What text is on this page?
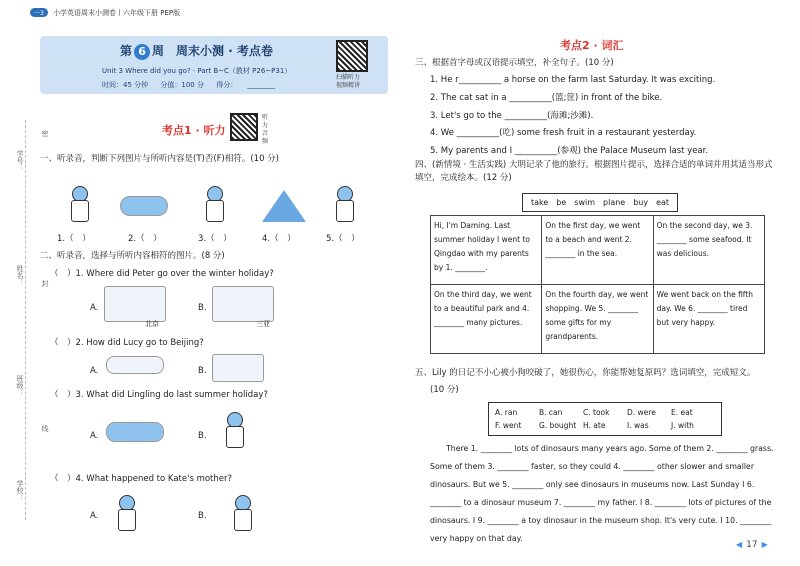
一3 小学英语周末小测卷丨六年级下册 PEP版
学号：
姓名：
班级：
学校：
密
封
线
第 6 周　周末小测 · 考点卷
Unit 3 Where did you go? · Part B~C（教材 P26~P31）
时间：45 分钟 分值：100 分 得分： ________
扫描听力 视频精讲
考点1 · 听力
听力音频
一、听录音，判断下列图片与所听内容是(T)否(F)相符。(10 分)
1.（　）	2.（　）	3.（　）	4.（　）	5.（　）
二、听录音，选择与所听内容相符的图片。(8 分)
（　）1. Where did Peter go over the winter holiday?
A.
北京
B.
三亚
（　）2. How did Lucy go to Beijing?
A.	B.
（　）3. What did Lingling do last summer holiday?
A.	B.
（　）4. What happened to Kate's mother?
A.	B.
考点2 · 词汇
三、根据首字母或汉语提示填空，补全句子。(10 分)
1. He r__________ a horse on the farm last Saturday. It was exciting.
2. The cat sat in a __________(篮;筐) in front of the bike.
3. Let's go to the __________(海滩;沙滩).
4. We __________(吃) some fresh fruit in a restaurant yesterday.
5. My parents and I __________(参观) the Palace Museum last year.
四、(新情境 · 生活实践) 大明记录了他的旅行。根据图片提示，选择合适的单词并用其适当形式填空，完成绘本。(12 分)
take　be　swim　plane　buy　eat
Hi, I'm Daming. Last summer holiday I went to Qingdao with my parents by 1. ________.	On the first day, we went to a beach and went 2. ________ in the sea.	On the second day, we 3. ________ some seafood. It was delicious.
On the third day, we went to a beautiful park and 4. ________ many pictures.	On the fourth day, we went shopping. We 5. ________ some gifts for my grandparents.	We went back on the fifth day. We 6. ________ tired but very happy.
五、Lily 的日记不小心被小狗咬破了，她很伤心，你能帮她复原吗？选词填空，完成短文。
(10 分)
A. ran	B. can	C. took D. were E. eat
F. went G. bought H. ate	I. was	J. with
There 1. ________ lots of dinosaurs many years ago. Some of them 2. ________ grass. Some of them 3. ________ faster, so they could 4. ________ other slower and smaller dinosaurs. But we 5. ________ only see dinosaurs in museums now. Last Sunday I 6. ________ to a dinosaur museum 7. ________ my father. I 8. ________ lots of pictures of the dinosaurs. I 9. ________ a toy dinosaur in the museum shop. It's very cute. I 10. ________ very happy on that day.
◀ 17 ▶
